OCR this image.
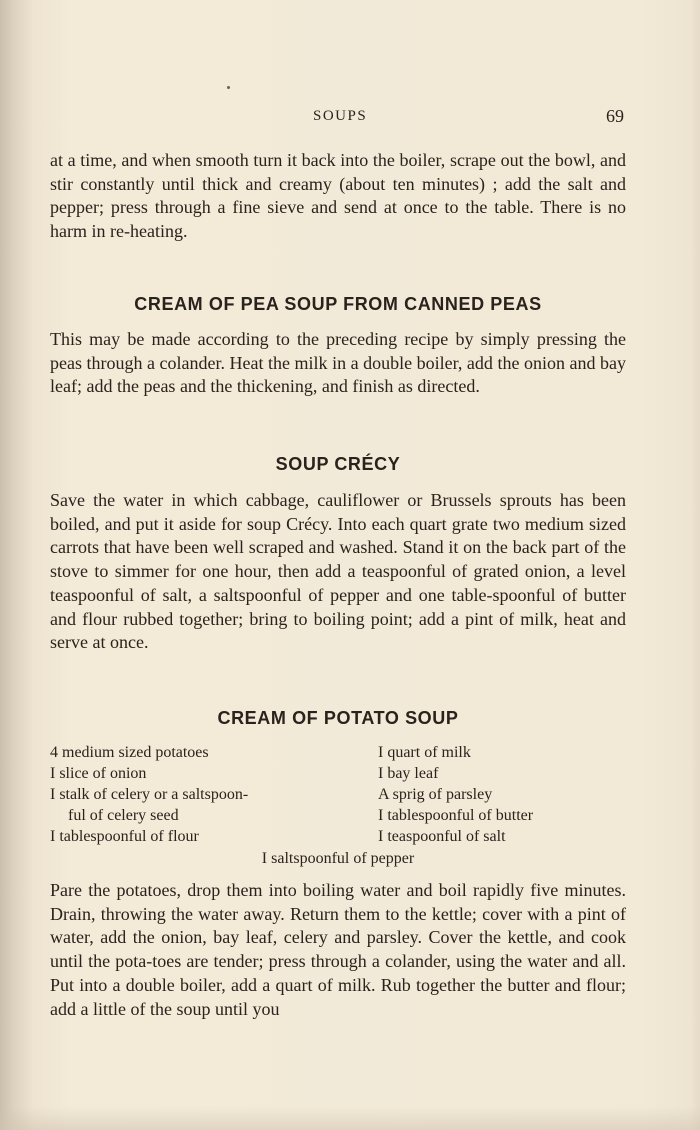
SOUPS	69

at a time, and when smooth turn it back into the boiler, scrape out the bowl, and stir constantly until thick and creamy (about ten minutes) ; add the salt and pepper; press through a fine sieve and send at once to the table. There is no harm in re-heating.

CREAM OF PEA SOUP FROM CANNED PEAS

This may be made according to the preceding recipe by simply pressing the peas through a colander. Heat the milk in a double boiler, add the onion and bay leaf; add the peas and the thickening, and finish as directed.

SOUP CRÉCY

Save the water in which cabbage, cauliflower or Brussels sprouts has been boiled, and put it aside for soup Crécy. Into each quart grate two medium sized carrots that have been well scraped and washed. Stand it on the back part of the stove to simmer for one hour, then add a teaspoonful of grated onion, a level teaspoonful of salt, a saltspoonful of pepper and one table-spoonful of butter and flour rubbed together; bring to boiling point; add a pint of milk, heat and serve at once.

CREAM OF POTATO SOUP
4 medium sized potatoes
I slice of onion
I stalk of celery or a saltspoon-
ful of celery seed
I tablespoonful of flour
I quart of milk
I bay leaf
A sprig of parsley
I tablespoonful of butter
I teaspoonful of salt
I saltspoonful of pepper

Pare the potatoes, drop them into boiling water and boil rapidly five minutes. Drain, throwing the water away. Return them to the kettle; cover with a pint of water, add the onion, bay leaf, celery and parsley. Cover the kettle, and cook until the pota-toes are tender; press through a colander, using the water and all. Put into a double boiler, add a quart of milk. Rub together the butter and flour; add a little of the soup until you
